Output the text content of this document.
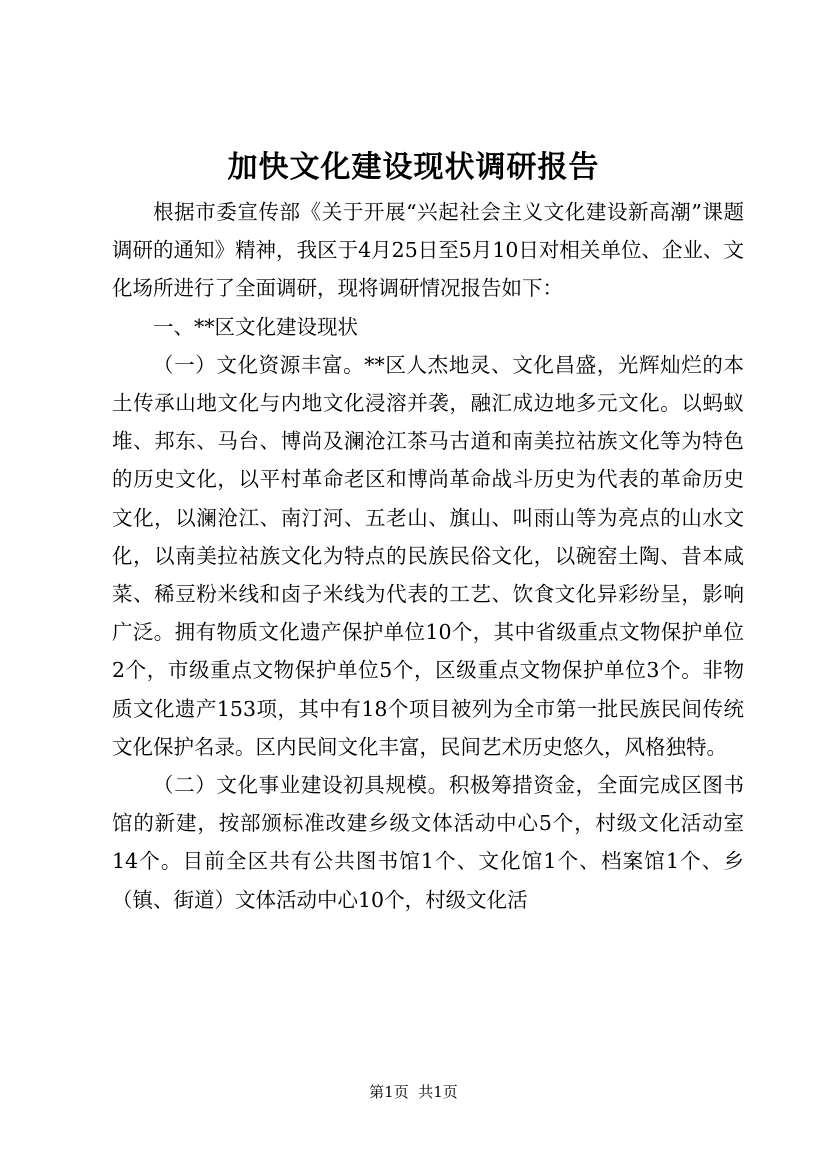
加快文化建设现状调研报告

根据市委宣传部《关于开展“兴起社会主义文化建设新高潮”课题调研的通知》精神，我区于4月25日至5月10日对相关单位、企业、文化场所进行了全面调研，现将调研情况报告如下：

一、**区文化建设现状

（一）文化资源丰富。**区人杰地灵、文化昌盛，光辉灿烂的本土传承山地文化与内地文化浸溶并袭，融汇成边地多元文化。以蚂蚁堆、邦东、马台、博尚及澜沧江茶马古道和南美拉祜族文化等为特色的历史文化，以平村革命老区和博尚革命战斗历史为代表的革命历史文化，以澜沧江、南汀河、五老山、旗山、叫雨山等为亮点的山水文化，以南美拉祜族文化为特点的民族民俗文化，以碗窑土陶、昔本咸菜、稀豆粉米线和卤子米线为代表的工艺、饮食文化异彩纷呈，影响广泛。拥有物质文化遗产保护单位10个，其中省级重点文物保护单位2个，市级重点文物保护单位5个，区级重点文物保护单位3个。非物质文化遗产153项，其中有18个项目被列为全市第一批民族民间传统文化保护名录。区内民间文化丰富，民间艺术历史悠久，风格独特。

（二）文化事业建设初具规模。积极筹措资金，全面完成区图书馆的新建，按部颁标准改建乡级文体活动中心5个，村级文化活动室14个。目前全区共有公共图书馆1个、文化馆1个、档案馆1个、乡（镇、街道）文体活动中心10个，村级文化活

第1页 共1页
